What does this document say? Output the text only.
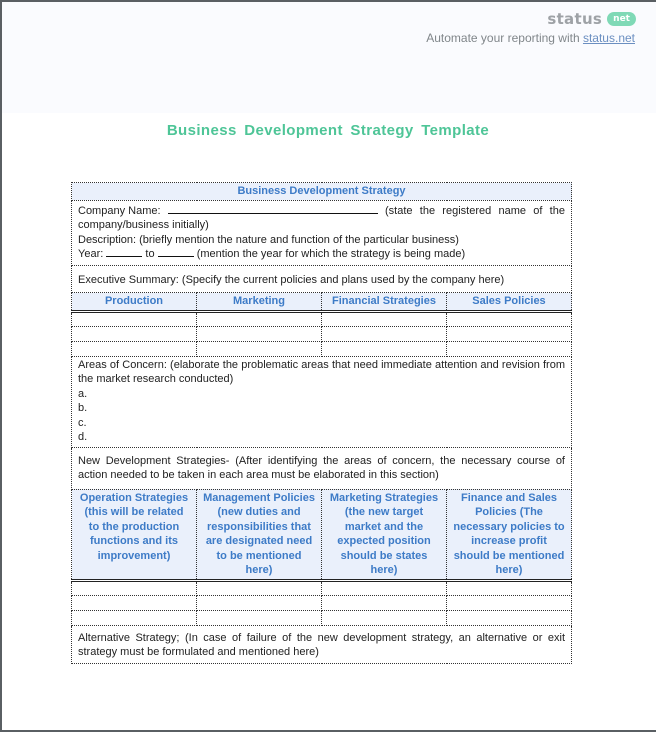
status	net
Automate your reporting with status.net
Business Development Strategy Template
Business Development Strategy			

Company Name:	(state the registered name of the
company/business initially)
Description: (briefly mention the nature and function of the particular business)
Year:	to	(mention the year for which the strategy is being made)

Executive Summary: (Specify the current policies and plans used by the company here)			
Production	Marketing	Financial Strategies	Sales Policies

Areas of Concern: (elaborate the problematic areas that need immediate attention and revision from the market research conducted)
a.
b.
c.
d.			

New Development Strategies- (After identifying the areas of concern, the necessary course of action needed to be taken in each area must be elaborated in this section)			
Operation Strategies (this will be related to the production functions and its improvement)	Management Policies (new duties and responsibilities that are designated need to be mentioned here)	Marketing Strategies (the new target market and the expected position should be states here)	Finance and Sales Policies (The necessary policies to increase profit should be mentioned here)

Alternative Strategy; (In case of failure of the new development strategy, an alternative or exit strategy must be formulated and mentioned here)			
